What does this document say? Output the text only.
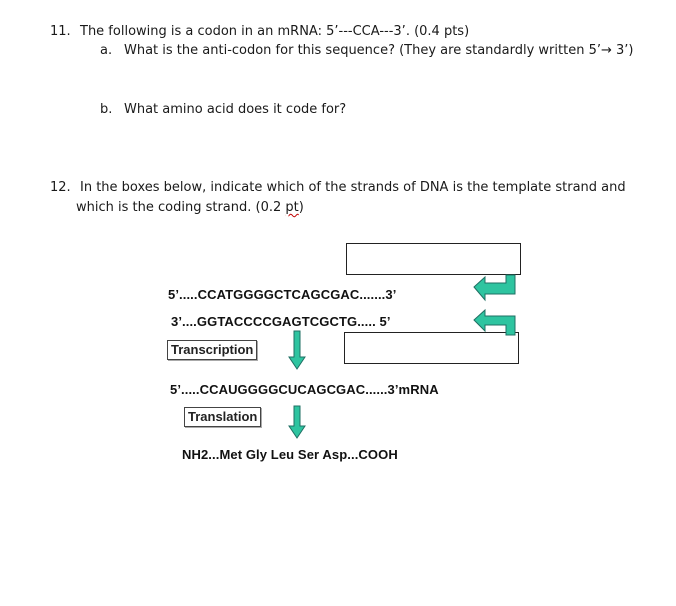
11. The following is a codon in an mRNA: 5’---CCA---3’. (0.4 pts)
a. What is the anti-codon for this sequence? (They are standardly written 5’→ 3’)
b. What amino acid does it code for?
12. In the boxes below, indicate which of the strands of DNA is the template strand and
which is the coding strand. (0.2 pt)
5’.....CCATGGGGCTCAGCGAC.......3’
3’....GGTACCCCGAGTCGCTG..... 5’
Transcription
5’.....CCAUGGGGCUCAGCGAC......3’mRNA
Translation
NH2...Met Gly Leu Ser Asp...COOH
